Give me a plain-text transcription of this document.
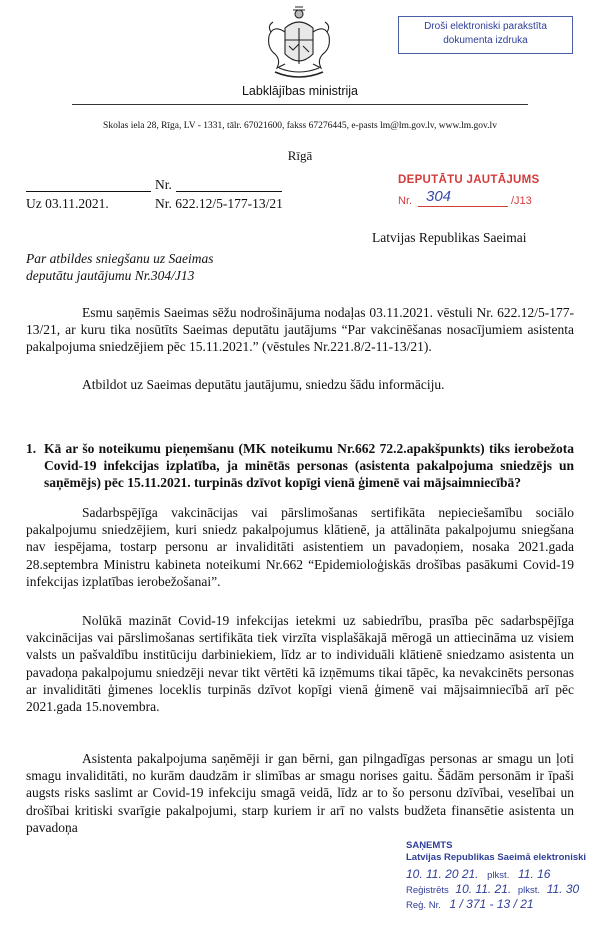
Labklājības ministrija
Skolas iela 28, Rīga, LV - 1331, tālr. 67021600, fakss 67276445, e-pasts lm@lm.gov.lv, www.lm.gov.lv
Rīgā
Droši elektroniski parakstīta
dokumenta izdruka
Nr.
Uz 03.11.2021.	Nr. 622.12/5-177-13/21
DEPUTĀTU JAUTĀJUMS
Nr. 304	/J13
Latvijas Republikas Saeimai
Par atbildes sniegšanu uz Saeimas
deputātu jautājumu Nr.304/J13

Esmu saņēmis Saeimas sēžu nodrošinājuma nodaļas 03.11.2021. vēstuli Nr. 622.12/5-177-13/21, ar kuru tika nosūtīts Saeimas deputātu jautājums “Par vakcinēšanas nosacījumiem asistenta pakalpojuma sniedzējiem pēc 15.11.2021.” (vēstules Nr.221.8/2-11-13/21).

Atbildot uz Saeimas deputātu jautājumu, sniedzu šādu informāciju.

1. Kā ar šo noteikumu pieņemšanu (MK noteikumu Nr.662 72.2.apakšpunkts) tiks ierobežota Covid-19 infekcijas izplatība, ja minētās personas (asistenta pakalpojuma sniedzējs un saņēmējs) pēc 15.11.2021. turpinās dzīvot kopīgi vienā ģimenē vai mājsaimniecībā?

Sadarbspējīga vakcinācijas vai pārslimošanas sertifikāta nepieciešamību sociālo pakalpojumu sniedzējiem, kuri sniedz pakalpojumus klātienē, ja attālināta pakalpojumu sniegšana nav iespējama, tostarp personu ar invaliditāti asistentiem un pavadoņiem, nosaka 2021.gada 28.septembra Ministru kabineta noteikumi Nr.662 “Epidemioloģiskās drošības pasākumi Covid-19 infekcijas izplatības ierobežošanai”.

Nolūkā mazināt Covid-19 infekcijas ietekmi uz sabiedrību, prasība pēc sadarbspējīga vakcinācijas vai pārslimošanas sertifikāta tiek virzīta visplašākajā mērogā un attiecināma uz visiem valsts un pašvaldību institūciju darbiniekiem, līdz ar to individuāli klātienē sniedzamo asistenta un pavadoņa pakalpojumu sniedzēji nevar tikt vērtēti kā izņēmums tikai tāpēc, ka nevakcinēts personas ar invaliditāti ģimenes loceklis turpinās dzīvot kopīgi vienā ģimenē vai mājsaimniecībā arī pēc 2021.gada 15.novembra.

Asistenta pakalpojuma saņēmēji ir gan bērni, gan pilngadīgas personas ar smagu un ļoti smagu invaliditāti, no kurām daudzām ir slimības ar smagu norises gaitu. Šādām personām ir īpaši augsts risks saslimt ar Covid-19 infekciju smagā veidā, līdz ar to šo personu dzīvībai, veselībai un drošībai kritiski svarīgie pakalpojumi, starp kuriem ir arī no valsts budžeta finansētie asistenta un pavadoņa

SAŅEMTS
Latvijas Republikas Saeimā elektroniski
10. 11. 20 21. plkst. 11. 16
Reģistrēts 10. 11. 21. plkst. 11. 30
Reģ. Nr. 1 / 371 - 13 / 21
